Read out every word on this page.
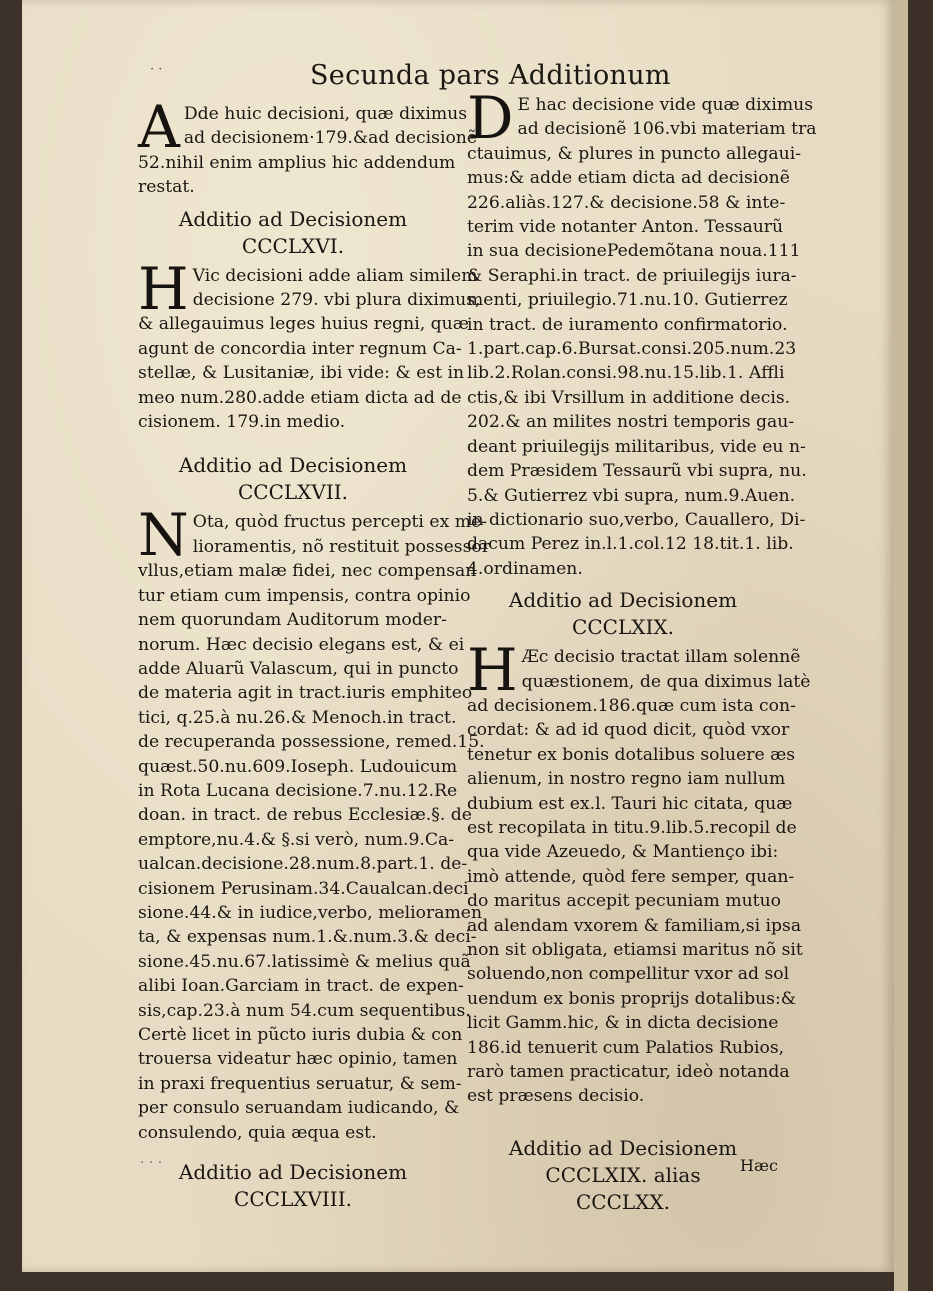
· ·	Secunda pars Additionum
A Dde huic decisioni, quæ diximus
ad decisionem·179.&ad decisionẽ
52.nihil enim amplius hic addendum
restat.
Additio ad Decisionem
CCCLXVI.
H Vic decisioni adde aliam similem
decisione 279. vbi plura diximus,
& allegauimus leges huius regni, quæ
agunt de concordia inter regnum Ca-
stellæ, & Lusitaniæ, ibi vide: & est in
meo num.280.adde etiam dicta ad de
cisionem. 179.in medio.
Additio ad Decisionem
CCCLXVII.
N Ota, quòd fructus percepti ex me-
lioramentis, nõ restituit possessor
vllus,etiam malæ fidei, nec compensan
tur etiam cum impensis, contra opinio
nem quorundam Auditorum moder-
norum. Hæc decisio elegans est, & ei
adde Aluarũ Valascum, qui in puncto
de materia agit in tract.iuris emphiteo
tici, q.25.à nu.26.& Menoch.in tract.
de recuperanda possessione, remed.15.
quæst.50.nu.609.Ioseph. Ludouicum
in Rota Lucana decisione.7.nu.12.Re
doan. in tract. de rebus Ecclesiæ.§. de
emptore,nu.4.& §.si verò, num.9.Ca-
ualcan.decisione.28.num.8.part.1. de-
cisionem Perusinam.34.Caualcan.deci
sione.44.& in iudice,verbo, melioramen
ta, & expensas num.1.&.num.3.& deci-
sione.45.nu.67.latissimè & melius quã
alibi Ioan.Garciam in tract. de expen-
sis,cap.23.à num 54.cum sequentibus.
Certè licet in pũcto iuris dubia & con
trouersa videatur hæc opinio, tamen
in praxi frequentius seruatur, & sem-
per consulo seruandam iudicando, &
consulendo, quia æqua est.
Additio ad Decisionem
CCCLXVIII.
D E hac decisione vide quæ diximus
ad decisionẽ 106.vbi materiam tra
ctauimus, & plures in puncto allegaui-
mus:& adde etiam dicta ad decisionẽ
226.aliàs.127.& decisione.58 & inte-
terim vide notanter Anton. Tessaurũ
in sua decisionePedemõtana noua.111
& Seraphi.in tract. de priuilegijs iura-
menti, priuilegio.71.nu.10. Gutierrez
in tract. de iuramento confirmatorio.
1.part.cap.6.Bursat.consi.205.num.23
lib.2.Rolan.consi.98.nu.15.lib.1. Affli
ctis,& ibi Vrsillum in additione decis.
202.& an milites nostri temporis gau-
deant priuilegijs militaribus, vide eu n-
dem Præsidem Tessaurũ vbi supra, nu.
5.& Gutierrez vbi supra, num.9.Auen.
in dictionario suo,verbo, Cauallero, Di-
dacum Perez in.l.1.col.12 18.tit.1. lib.
4.ordinamen.
Additio ad Decisionem
CCCLXIX.
H Æc decisio tractat illam solennẽ
quæstionem, de qua diximus latè
ad decisionem.186.quæ cum ista con-
cordat: & ad id quod dicit, quòd vxor
tenetur ex bonis dotalibus soluere æs
alienum, in nostro regno iam nullum
dubium est ex.l. Tauri hic citata, quæ
est recopilata in titu.9.lib.5.recopil de
qua vide Azeuedo, & Mantienço ibi:
imò attende, quòd fere semper, quan-
do maritus accepit pecuniam mutuo
ad alendam vxorem & familiam,si ipsa
non sit obligata, etiamsi maritus nõ sit
soluendo,non compellitur vxor ad sol
uendum ex bonis proprijs dotalibus:&
licit Gamm.hic, & in dicta decisione
186.id tenuerit cum Palatios Rubios,
rarò tamen practicatur, ideò notanda
est præsens decisio.
Additio ad Decisionem
CCCLXIX. alias
CCCLXX.
· · ·	Hæc
